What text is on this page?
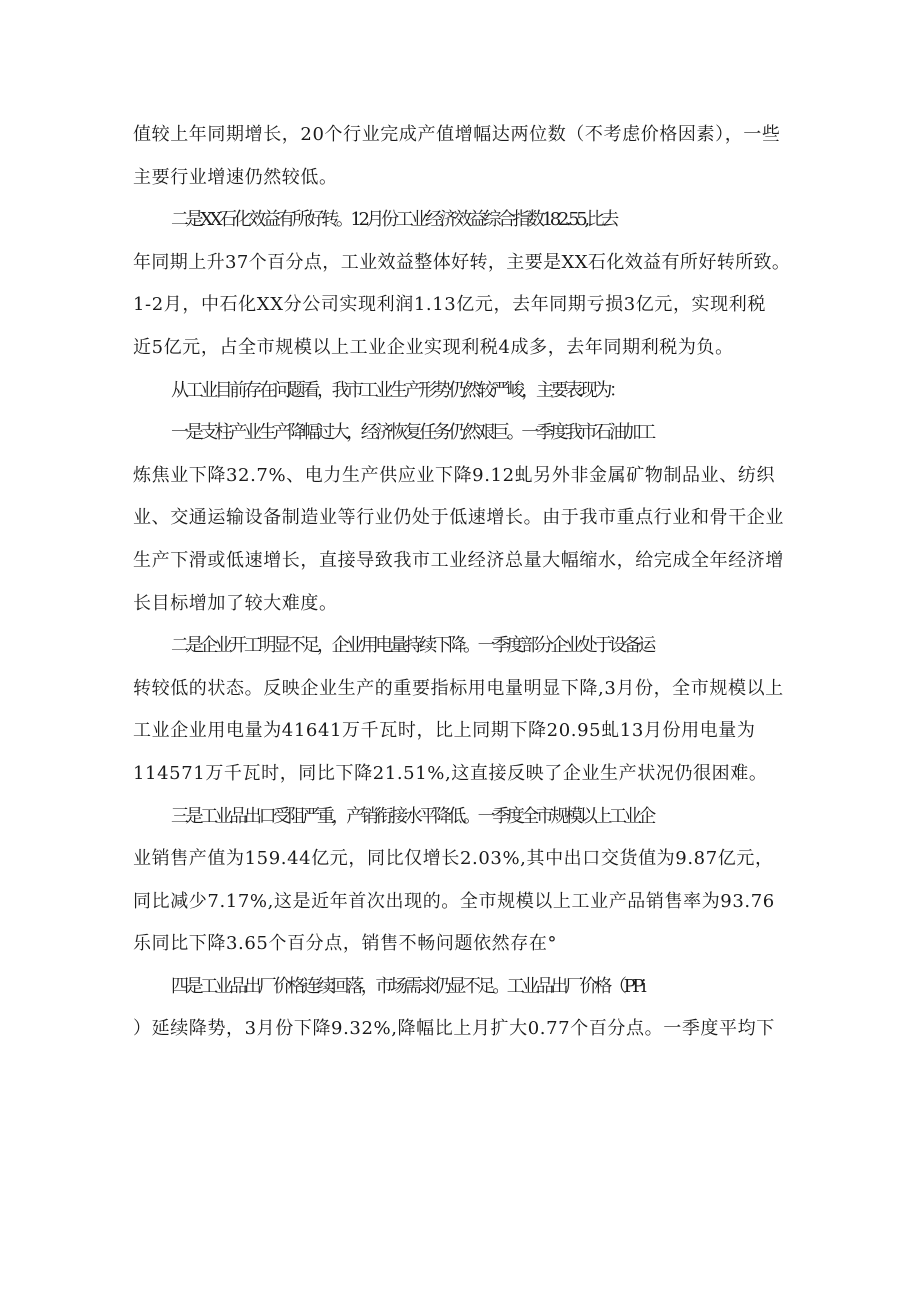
值较上年同期增长，20个行业完成产值增幅达两位数（不考虑价格因素），一些
主要行业增速仍然较低。
二是XX石化效益有所好转。12月份工业经济效益综合指数182.55,比去
年同期上升37个百分点，工业效益整体好转，主要是XX石化效益有所好转所致。
1-2月，中石化XX分公司实现利润1.13亿元，去年同期亏损3亿元，实现利税
近5亿元，占全市规模以上工业企业实现利税4成多，去年同期利税为负。
从工业目前存在问题看，我市工业生产形势仍然较严峻，主要表现为：
一是支柱产业生产降幅过大，经济恢复任务仍然艰巨。一季度我市石油加工
炼焦业下降32.7%、电力生产供应业下降9.12虬另外非金属矿物制品业、纺织
业、交通运输设备制造业等行业仍处于低速增长。由于我市重点行业和骨干企业
生产下滑或低速增长，直接导致我市工业经济总量大幅缩水，给完成全年经济增
长目标增加了较大难度。
二是企业开工明显不足，企业用电量持续下降。一季度部分企业处于设备运
转较低的状态。反映企业生产的重要指标用电量明显下降,3月份，全市规模以上
工业企业用电量为41641万千瓦时，比上同期下降20.95虬13月份用电量为
114571万千瓦时，同比下降21.51%,这直接反映了企业生产状况仍很困难。
三是工业品出口受阻严重，产销衔接水平降低。一季度全市规模以上工业企
业销售产值为159.44亿元，同比仅增长2.03%,其中出口交货值为9.87亿元，
同比减少7.17%,这是近年首次出现的。全市规模以上工业产品销售率为93.76
乐同比下降3.65个百分点，销售不畅问题依然存在°
四是工业品出厂价格连续回落，市场需求仍显不足。工业品出厂价格（PPi
）延续降势，3月份下降9.32%,降幅比上月扩大0.77个百分点。一季度平均下
